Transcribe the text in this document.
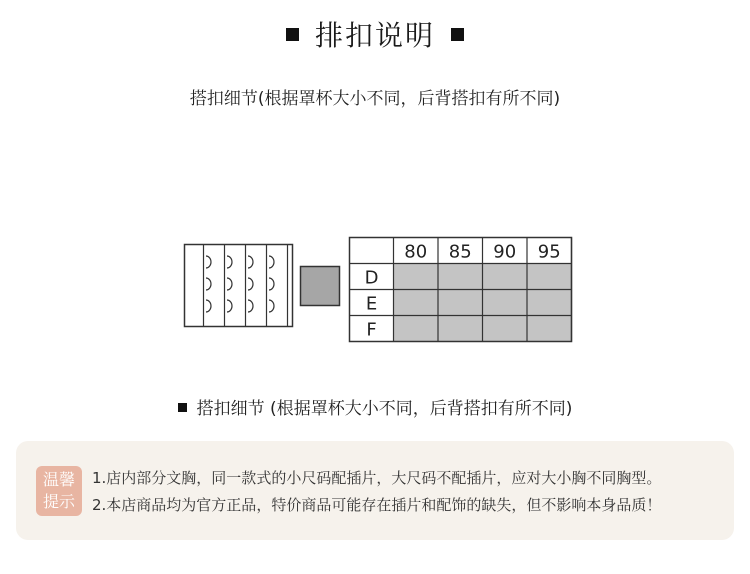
排扣说明
搭扣细节(根据罩杯大小不同，后背搭扣有所不同)
80 85 90 95
D
E
F
搭扣细节 (根据罩杯大小不同，后背搭扣有所不同)
温馨
提示
1.店内部分文胸，同一款式的小尺码配插片，大尺码不配插片，应对大小胸不同胸型。
2.本店商品均为官方正品，特价商品可能存在插片和配饰的缺失，但不影响本身品质！
